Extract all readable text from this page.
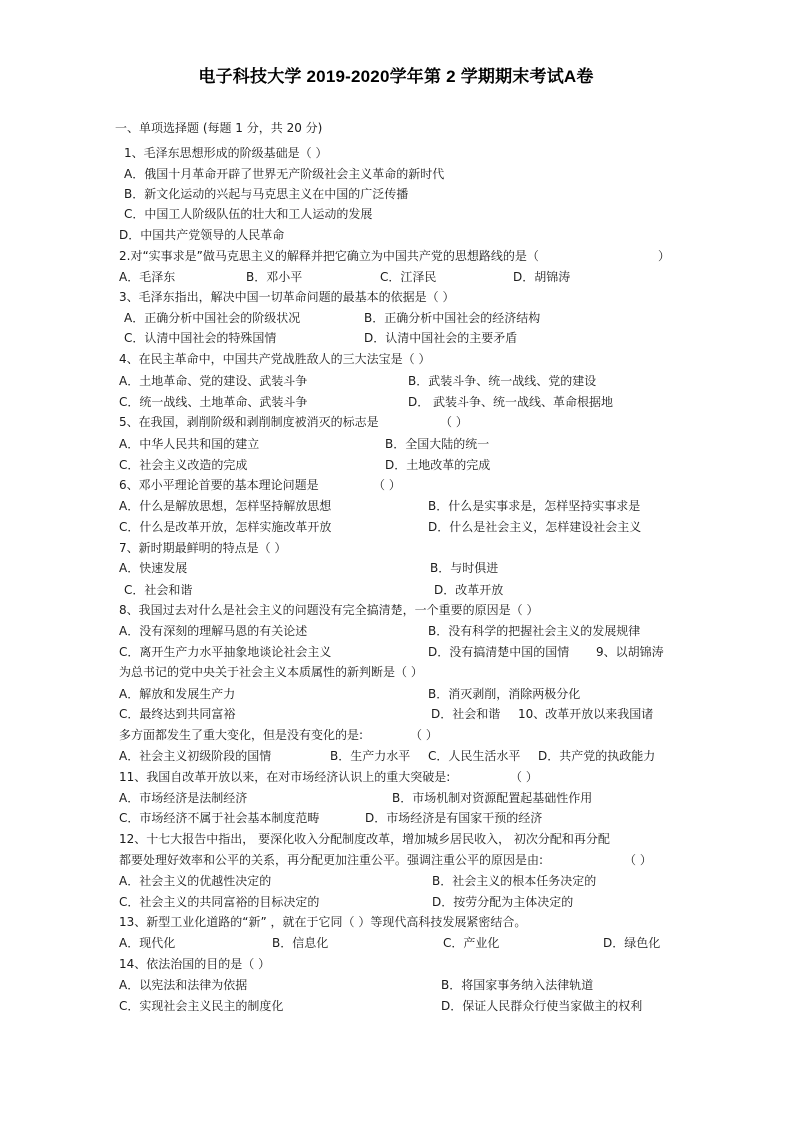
电子科技大学 2019-2020学年第 2 学期期末考试A卷
一、单项选择题 (每题 1 分，共 20 分)
1、毛泽东思想形成的阶级基础是（ ）
A．俄国十月革命开辟了世界无产阶级社会主义革命的新时代
B．新文化运动的兴起与马克思主义在中国的广泛传播
C．中国工人阶级队伍的壮大和工人运动的发展
D．中国共产党领导的人民革命
2.对“实事求是”做马克思主义的解释并把它确立为中国共产党的思想路线的是（	）
A．毛泽东	B．邓小平	C．江泽民	D．胡锦涛
3、毛泽东指出，解决中国一切革命问题的最基本的依据是（ ）
A．正确分析中国社会的阶级状况	B．正确分析中国社会的经济结构
C．认清中国社会的特殊国情	D．认清中国社会的主要矛盾
4、在民主革命中，中国共产党战胜敌人的三大法宝是（ ）
A．土地革命、党的建设、武装斗争	B．武装斗争、统一战线、党的建设
C．统一战线、土地革命、武装斗争	D． 武装斗争、统一战线、革命根据地
5、在我国，剥削阶级和剥削制度被消灭的标志是	（ ）
A．中华人民共和国的建立	B．全国大陆的统一
C．社会主义改造的完成	D．土地改革的完成
6、邓小平理论首要的基本理论问题是	（ ）
A．什么是解放思想，怎样坚持解放思想	B．什么是实事求是，怎样坚持实事求是
C．什么是改革开放，怎样实施改革开放	D．什么是社会主义，怎样建设社会主义
7、新时期最鲜明的特点是（ ）
A．快速发展	B．与时俱进
C．社会和谐	D．改革开放
8、我国过去对什么是社会主义的问题没有完全搞清楚，一个重要的原因是（ ）
A．没有深刻的理解马恩的有关论述	B．没有科学的把握社会主义的发展规律
C．离开生产力水平抽象地谈论社会主义	D．没有搞清楚中国的国情 9、以胡锦涛
为总书记的党中央关于社会主义本质属性的新判断是（ ）
A．解放和发展生产力	B．消灭剥削，消除两极分化
C．最终达到共同富裕	D．社会和谐 10、改革开放以来我国诸
多方面都发生了重大变化，但是没有变化的是:	（ ）
A．社会主义初级阶段的国情	B．生产力水平 C．人民生活水平 D．共产党的执政能力
11、我国自改革开放以来，在对市场经济认识上的重大突破是:	（ ）
A．市场经济是法制经济	B．市场机制对资源配置起基础性作用
C．市场经济不属于社会基本制度范畴	D．市场经济是有国家干预的经济
12、十七大报告中指出， 要深化收入分配制度改革，增加城乡居民收入， 初次分配和再分配
都要处理好效率和公平的关系，再分配更加注重公平。强调注重公平的原因是由:	（ ）
A．社会主义的优越性决定的	B．社会主义的根本任务决定的
C．社会主义的共同富裕的目标决定的	D．按劳分配为主体决定的
13、新型工业化道路的“新” ，就在于它同（ ）等现代高科技发展紧密结合。
A．现代化	B．信息化	C．产业化	D．绿色化
14、依法治国的目的是（ ）
A．以宪法和法律为依据	B．将国家事务纳入法律轨道
C．实现社会主义民主的制度化	D．保证人民群众行使当家做主的权利
